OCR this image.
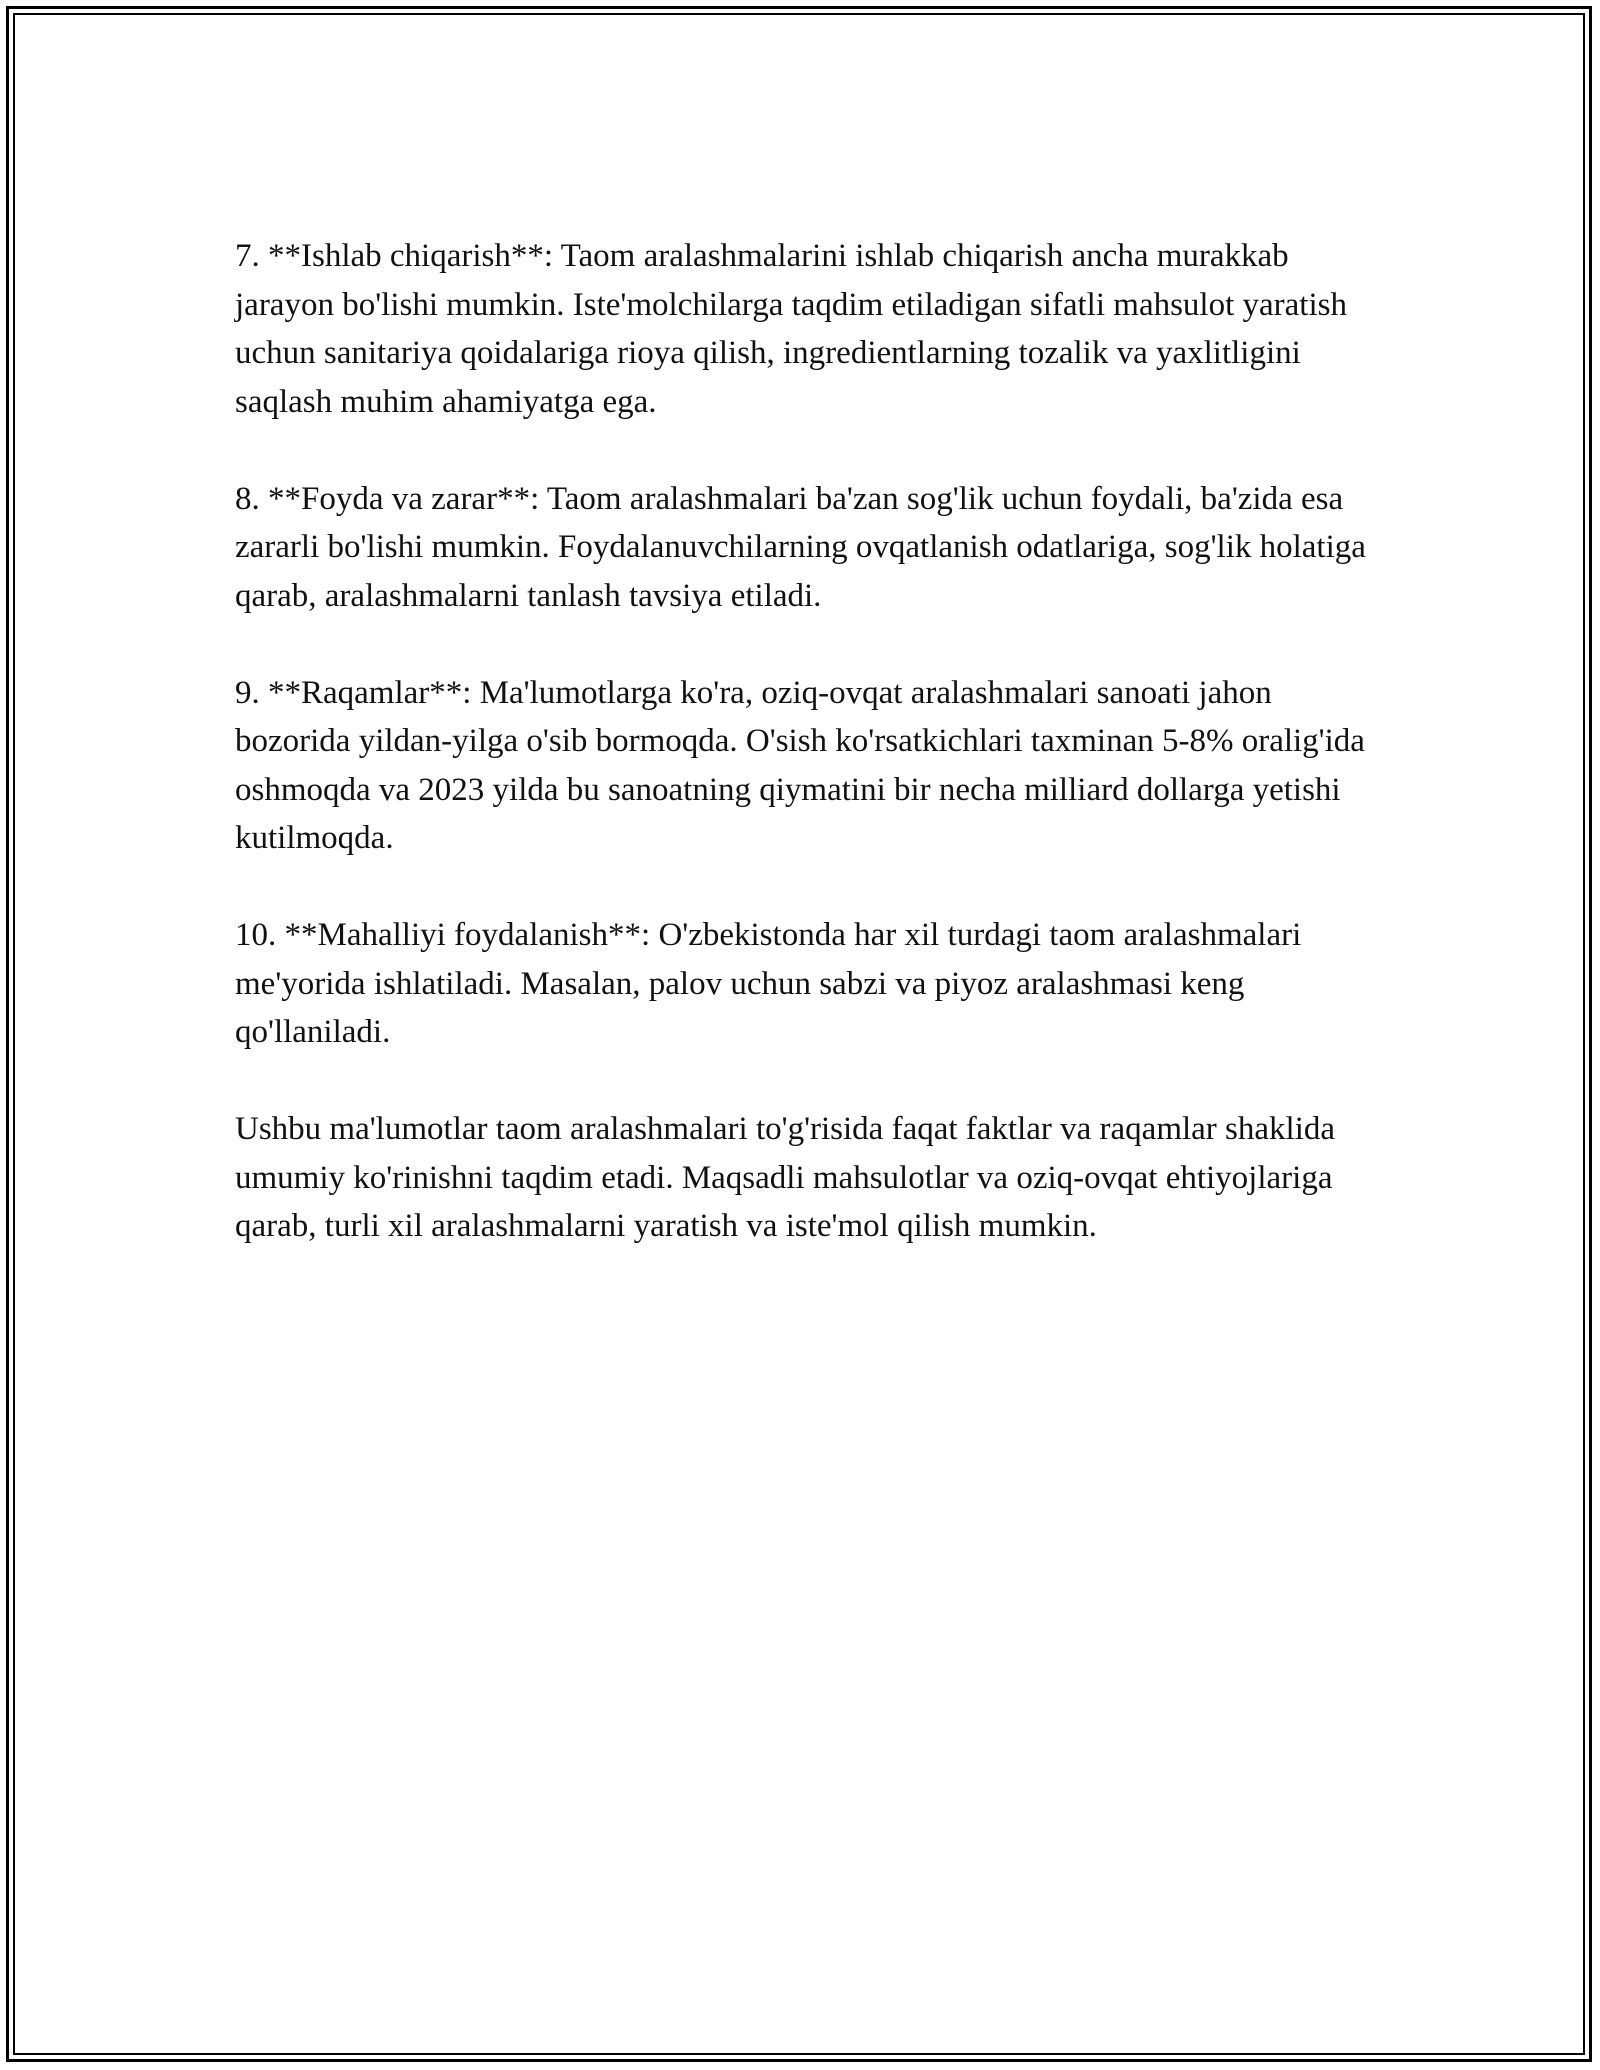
7. **Ishlab chiqarish**: Taom aralashmalarini ishlab chiqarish ancha murakkab jarayon bo'lishi mumkin. Iste'molchilarga taqdim etiladigan sifatli mahsulot yaratish uchun sanitariya qoidalariga rioya qilish, ingredientlarning tozalik va yaxlitligini saqlash muhim ahamiyatga ega.

8. **Foyda va zarar**: Taom aralashmalari ba'zan sog'lik uchun foydali, ba'zida esa zararli bo'lishi mumkin. Foydalanuvchilarning ovqatlanish odatlariga, sog'lik holatiga qarab, aralashmalarni tanlash tavsiya etiladi.

9. **Raqamlar**: Ma'lumotlarga ko'ra, oziq-ovqat aralashmalari sanoati jahon bozorida yildan-yilga o'sib bormoqda. O'sish ko'rsatkichlari taxminan 5-8% oralig'ida oshmoqda va 2023 yilda bu sanoatning qiymatini bir necha milliard dollarga yetishi kutilmoqda.

10. **Mahalliyi foydalanish**: O'zbekistonda har xil turdagi taom aralashmalari me'yorida ishlatiladi. Masalan, palov uchun sabzi va piyoz aralashmasi keng qo'llaniladi.

Ushbu ma'lumotlar taom aralashmalari to'g'risida faqat faktlar va raqamlar shaklida umumiy ko'rinishni taqdim etadi. Maqsadli mahsulotlar va oziq-ovqat ehtiyojlariga qarab, turli xil aralashmalarni yaratish va iste'mol qilish mumkin.
